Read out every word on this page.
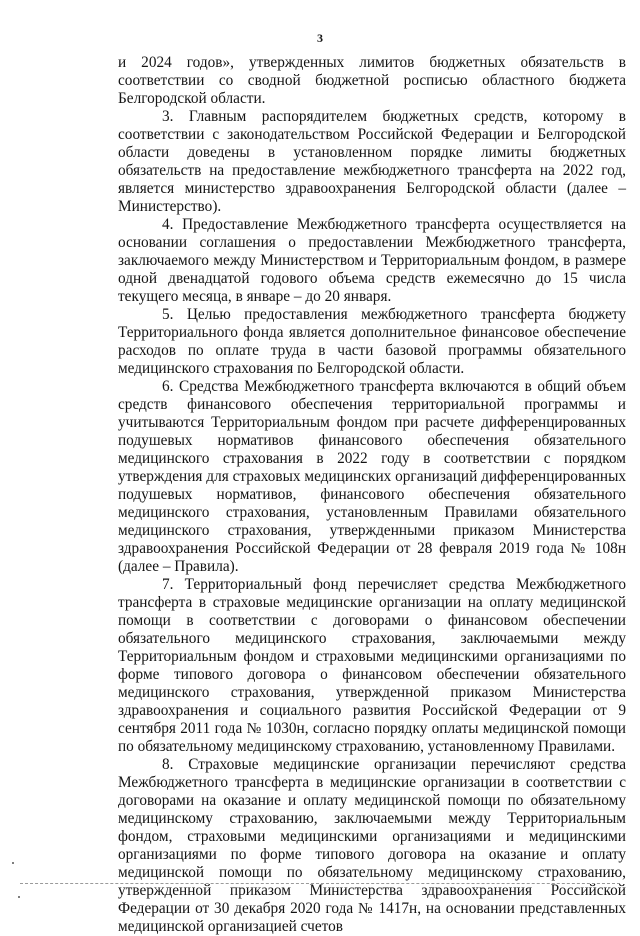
3

и 2024 годов», утвержденных лимитов бюджетных обязательств в соответствии со сводной бюджетной росписью областного бюджета Белгородской области.

3. Главным распорядителем бюджетных средств, которому в соответствии с законодательством Российской Федерации и Белгородской области доведены в установленном порядке лимиты бюджетных обязательств на предоставление межбюджетного трансферта на 2022 год, является министерство здравоохранения Белгородской области (далее – Министерство).

4. Предоставление Межбюджетного трансферта осуществляется на основании соглашения о предоставлении Межбюджетного трансферта, заключаемого между Министерством и Территориальным фондом, в размере одной двенадцатой годового объема средств ежемесячно до 15 числа текущего месяца, в январе – до 20 января.

5. Целью предоставления межбюджетного трансферта бюджету Территориального фонда является дополнительное финансовое обеспечение расходов по оплате труда в части базовой программы обязательного медицинского страхования по Белгородской области.

6. Средства Межбюджетного трансферта включаются в общий объем средств финансового обеспечения территориальной программы и учитываются Территориальным фондом при расчете дифференцированных подушевых нормативов финансового обеспечения обязательного медицинского страхования в 2022 году в соответствии с порядком утверждения для страховых медицинских организаций дифференцированных подушевых нормативов, финансового обеспечения обязательного медицинского страхования, установленным Правилами обязательного медицинского страхования, утвержденными приказом Министерства здравоохранения Российской Федерации от 28 февраля 2019 года № 108н (далее – Правила).

7. Территориальный фонд перечисляет средства Межбюджетного трансферта в страховые медицинские организации на оплату медицинской помощи в соответствии с договорами о финансовом обеспечении обязательного медицинского страхования, заключаемыми между Территориальным фондом и страховыми медицинскими организациями по форме типового договора о финансовом обеспечении обязательного медицинского страхования, утвержденной приказом Министерства здравоохранения и социального развития Российской Федерации от 9 сентября 2011 года № 1030н, согласно порядку оплаты медицинской помощи по обязательному медицинскому страхованию, установленному Правилами.

8. Страховые медицинские организации перечисляют средства Межбюджетного трансферта в медицинские организации в соответствии с договорами на оказание и оплату медицинской помощи по обязательному медицинскому страхованию, заключаемыми между Территориальным фондом, страховыми медицинскими организациями и медицинскими организациями по форме типового договора на оказание и оплату медицинской помощи по обязательному медицинскому страхованию, утвержденной приказом Министерства здравоохранения Российской Федерации от 30 декабря 2020 года № 1417н, на основании представленных медицинской организацией счетов
